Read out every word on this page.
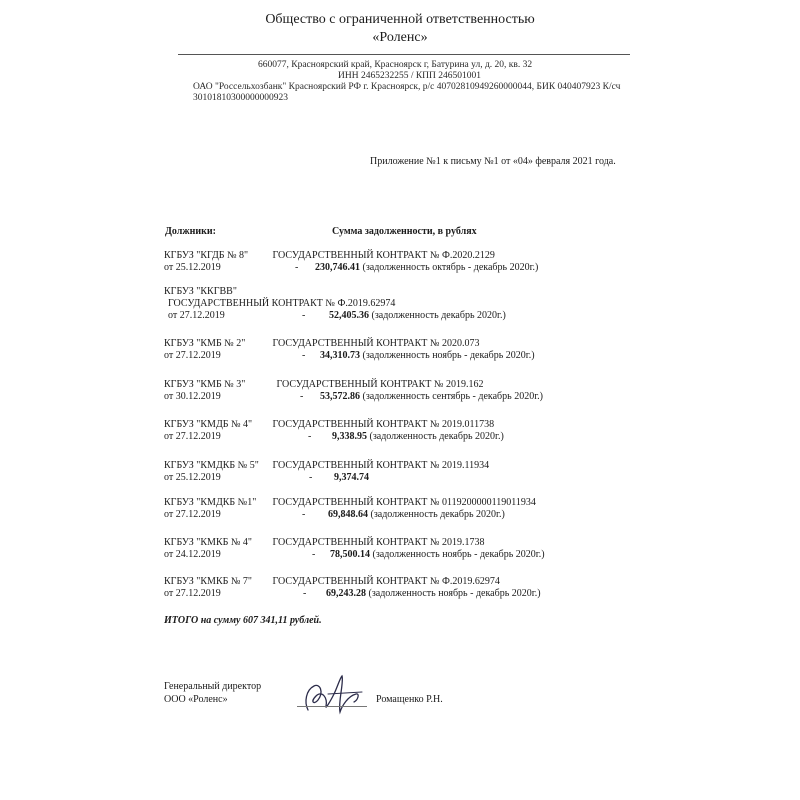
Общество с ограниченной ответственностью
«Роленс»
660077, Красноярский край, Красноярск г, Батурина ул, д. 20, кв. 32
ИНН 2465232255 / КПП 246501001
ОАО "Россельхозбанк" Красноярский РФ г. Красноярск, р/с 40702810949260000044, БИК 040407923 К/сч
30101810300000000923
Приложение №1 к письму №1 от «04» февраля 2021 года.
Должники:	Сумма задолженности, в рублях
КГБУЗ "КГДБ № 8" ГОСУДАРСТВЕННЫЙ КОНТРАКТ № Ф.2020.2129
от 25.12.2019	- 230,746.41 (задолженность октябрь - декабрь 2020г.)
КГБУЗ "ККГВВ"
ГОСУДАРСТВЕННЫЙ КОНТРАКТ № Ф.2019.62974
от 27.12.2019	- 52,405.36 (задолженность декабрь 2020г.)
КГБУЗ "КМБ № 2"	ГОСУДАРСТВЕННЫЙ КОНТРАКТ № 2020.073
от 27.12.2019	- 34,310.73 (задолженность ноябрь - декабрь 2020г.)
КГБУЗ "КМБ № 3"	ГОСУДАРСТВЕННЫЙ КОНТРАКТ № 2019.162
от 30.12.2019	- 53,572.86 (задолженность сентябрь - декабрь 2020г.)
КГБУЗ "КМДБ № 4" ГОСУДАРСТВЕННЫЙ КОНТРАКТ № 2019.011738
от 27.12.2019	- 9,338.95 (задолженность декабрь 2020г.)
КГБУЗ "КМДКБ № 5" ГОСУДАРСТВЕННЫЙ КОНТРАКТ № 2019.11934
от 25.12.2019	- 9,374.74
КГБУЗ "КМДКБ №1" ГОСУДАРСТВЕННЫЙ КОНТРАКТ № 0119200000119011934
от 27.12.2019	- 69,848.64 (задолженность декабрь 2020г.)
КГБУЗ "КМКБ № 4" ГОСУДАРСТВЕННЫЙ КОНТРАКТ № 2019.1738
от 24.12.2019	- 78,500.14 (задолженность ноябрь - декабрь 2020г.)
КГБУЗ "КМКБ № 7" ГОСУДАРСТВЕННЫЙ КОНТРАКТ № Ф.2019.62974
от 27.12.2019	- 69,243.28 (задолженность ноябрь - декабрь 2020г.)
ИТОГО на сумму 607 341,11 рублей.
Генеральный директор
ООО «Роленс»	Ромащенко Р.Н.
